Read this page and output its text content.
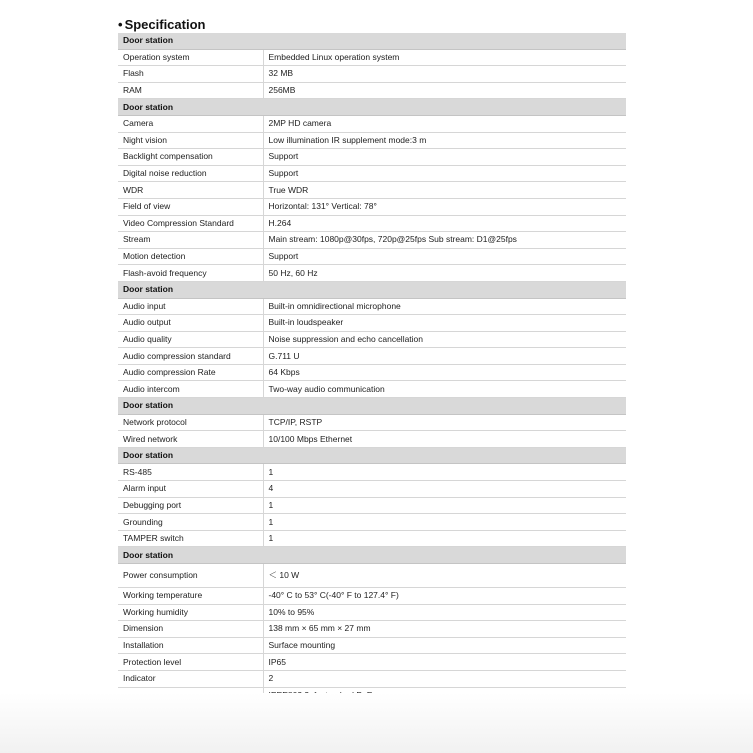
• Specification
Door station	
Operation system	Embedded Linux operation system
Flash	32 MB
RAM	256MB
Door station	
Camera	2MP HD camera
Night vision	Low illumination IR supplement mode:3 m
Backlight compensation	Support
Digital noise reduction	Support
WDR	True WDR
Field of view	Horizontal: 131° Vertical: 78°
Video Compression Standard	H.264
Stream	Main stream: 1080p@30fps, 720p@25fps Sub stream: D1@25fps
Motion detection	Support
Flash-avoid frequency	50 Hz, 60 Hz
Door station	
Audio input	Built-in omnidirectional microphone
Audio output	Built-in loudspeaker
Audio quality	Noise suppression and echo cancellation
Audio compression standard	G.711 U
Audio compression Rate	64 Kbps
Audio intercom	Two-way audio communication
Door station	
Network protocol	TCP/IP, RSTP
Wired network	10/100 Mbps Ethernet
Door station	
RS-485	1
Alarm input	4
Debugging port	1
Grounding	1
TAMPER switch	1
Door station	
Power consumption	＜ 10 W
Working temperature	-40° C to 53° C(-40° F to 127.4° F)
Working humidity	10% to 95%
Dimension	138 mm × 65 mm × 27 mm
Installation	Surface mounting
Protection level	IP65
Indicator	2
